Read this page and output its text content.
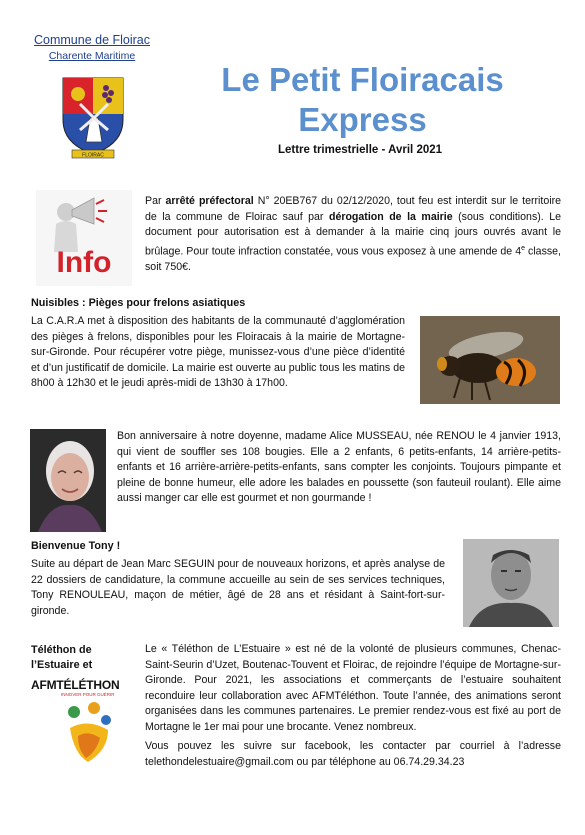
Commune de Floirac
Charente Maritime
FLOIRAC
Le Petit Floiracais
Express
Lettre trimestrielle - Avril 2021
Info
Par arrêté préfectoral N° 20EB767 du 02/12/2020, tout feu est interdit sur le territoire de la commune de Floirac sauf par dérogation de la mairie (sous conditions). Le document pour autorisation est à demander à la mairie cinq jours ouvrés avant le brûlage. Pour toute infraction constatée, vous vous exposez à une amende de 4e classe, soit 750€.
Nuisibles : Pièges pour frelons asiatiques
La C.A.R.A met à disposition des habitants de la communauté d’agglomération des pièges à frelons, disponibles pour les Floiracais à la mairie de Mortagne-sur-Gironde. Pour récupérer votre piège, munissez-vous d’une pièce d’identité et d’un justificatif de domicile. La mairie est ouverte au public tous les matins de 8h00 à 12h30 et le jeudi après-midi de 13h30 à 17h00.
Bon anniversaire à notre doyenne, madame Alice MUSSEAU, née RENOU le 4 janvier 1913, qui vient de souffler ses 108 bougies. Elle a 2 enfants, 6 petits-enfants, 14 arrière-petits-enfants et 16 arrière-arrière-petits-enfants, sans compter les conjoints. Toujours pimpante et pleine de bonne humeur, elle adore les balades en poussette (son fauteuil roulant). Elle aime aussi manger car elle est gourmet et non gourmande !
Bienvenue Tony !
Suite au départ de Jean Marc SEGUIN pour de nouveaux horizons, et après analyse de 22 dossiers de candidature, la commune accueille au sein de ses services techniques, Tony RENOULEAU, maçon de métier, âgé de 28 ans et résidant à Saint-fort-sur-gironde.
Téléthon de
l’Estuaire et
AFMTÉLÉTHON
INNOVER POUR GUÉRIR
Le « Téléthon de L’Estuaire » est né de la volonté de plusieurs communes, Chenac-Saint-Seurin d’Uzet, Boutenac-Touvent et Floirac, de rejoindre l’équipe de Mortagne-sur-Gironde. Pour 2021, les associations et commerçants de l’estuaire souhaitent reconduire leur collaboration avec AFMTéléthon. Toute l’année, des animations seront organisées dans les communes partenaires. Le premier rendez-vous est fixé au port de Mortagne le 1er mai pour une brocante. Venez nombreux.
Vous pouvez les suivre sur facebook, les contacter par courriel à l’adresse telethondelestuaire@gmail.com ou par téléphone au 06.74.29.34.23
